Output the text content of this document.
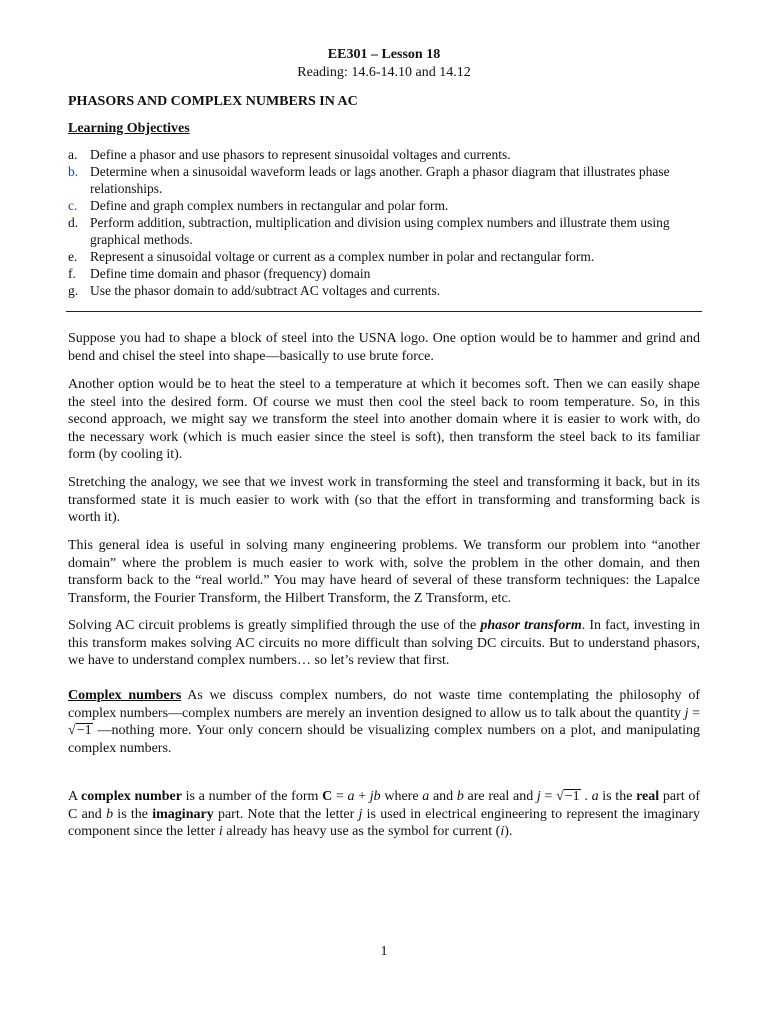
EE301 – Lesson 18
Reading: 14.6-14.10 and 14.12
PHASORS AND COMPLEX NUMBERS IN AC
Learning Objectives
a. Define a phasor and use phasors to represent sinusoidal voltages and currents.
b. Determine when a sinusoidal waveform leads or lags another. Graph a phasor diagram that illustrates phase relationships.
c. Define and graph complex numbers in rectangular and polar form.
d. Perform addition, subtraction, multiplication and division using complex numbers and illustrate them using graphical methods.
e. Represent a sinusoidal voltage or current as a complex number in polar and rectangular form.
f.	Define time domain and phasor (frequency) domain
g. Use the phasor domain to add/subtract AC voltages and currents.

Suppose you had to shape a block of steel into the USNA logo. One option would be to hammer and grind and bend and chisel the steel into shape—basically to use brute force.

Another option would be to heat the steel to a temperature at which it becomes soft. Then we can easily shape the steel into the desired form. Of course we must then cool the steel back to room temperature. So, in this second approach, we might say we transform the steel into another domain where it is easier to work with, do the necessary work (which is much easier since the steel is soft), then transform the steel back to its familiar form (by cooling it).

Stretching the analogy, we see that we invest work in transforming the steel and transforming it back, but in its transformed state it is much easier to work with (so that the effort in transforming and transforming back is worth it).

This general idea is useful in solving many engineering problems. We transform our problem into “another domain” where the problem is much easier to work with, solve the problem in the other domain, and then transform back to the “real world.” You may have heard of several of these transform techniques: the Lapalce Transform, the Fourier Transform, the Hilbert Transform, the Z Transform, etc.

Solving AC circuit problems is greatly simplified through the use of the phasor transform. In fact, investing in this transform makes solving AC circuits no more difficult than solving DC circuits. But to understand phasors, we have to understand complex numbers… so let’s review that first.

Complex numbers As we discuss complex numbers, do not waste time contemplating the philosophy of complex numbers—complex numbers are merely an invention designed to allow us to talk about the quantity j = √−1 —nothing more. Your only concern should be visualizing complex numbers on a plot, and manipulating complex numbers.

A complex number is a number of the form C = a + jb where a and b are real and j = √−1 . a is the real part of C and b is the imaginary part. Note that the letter j is used in electrical engineering to represent the imaginary component since the letter i already has heavy use as the symbol for current (i).

1
